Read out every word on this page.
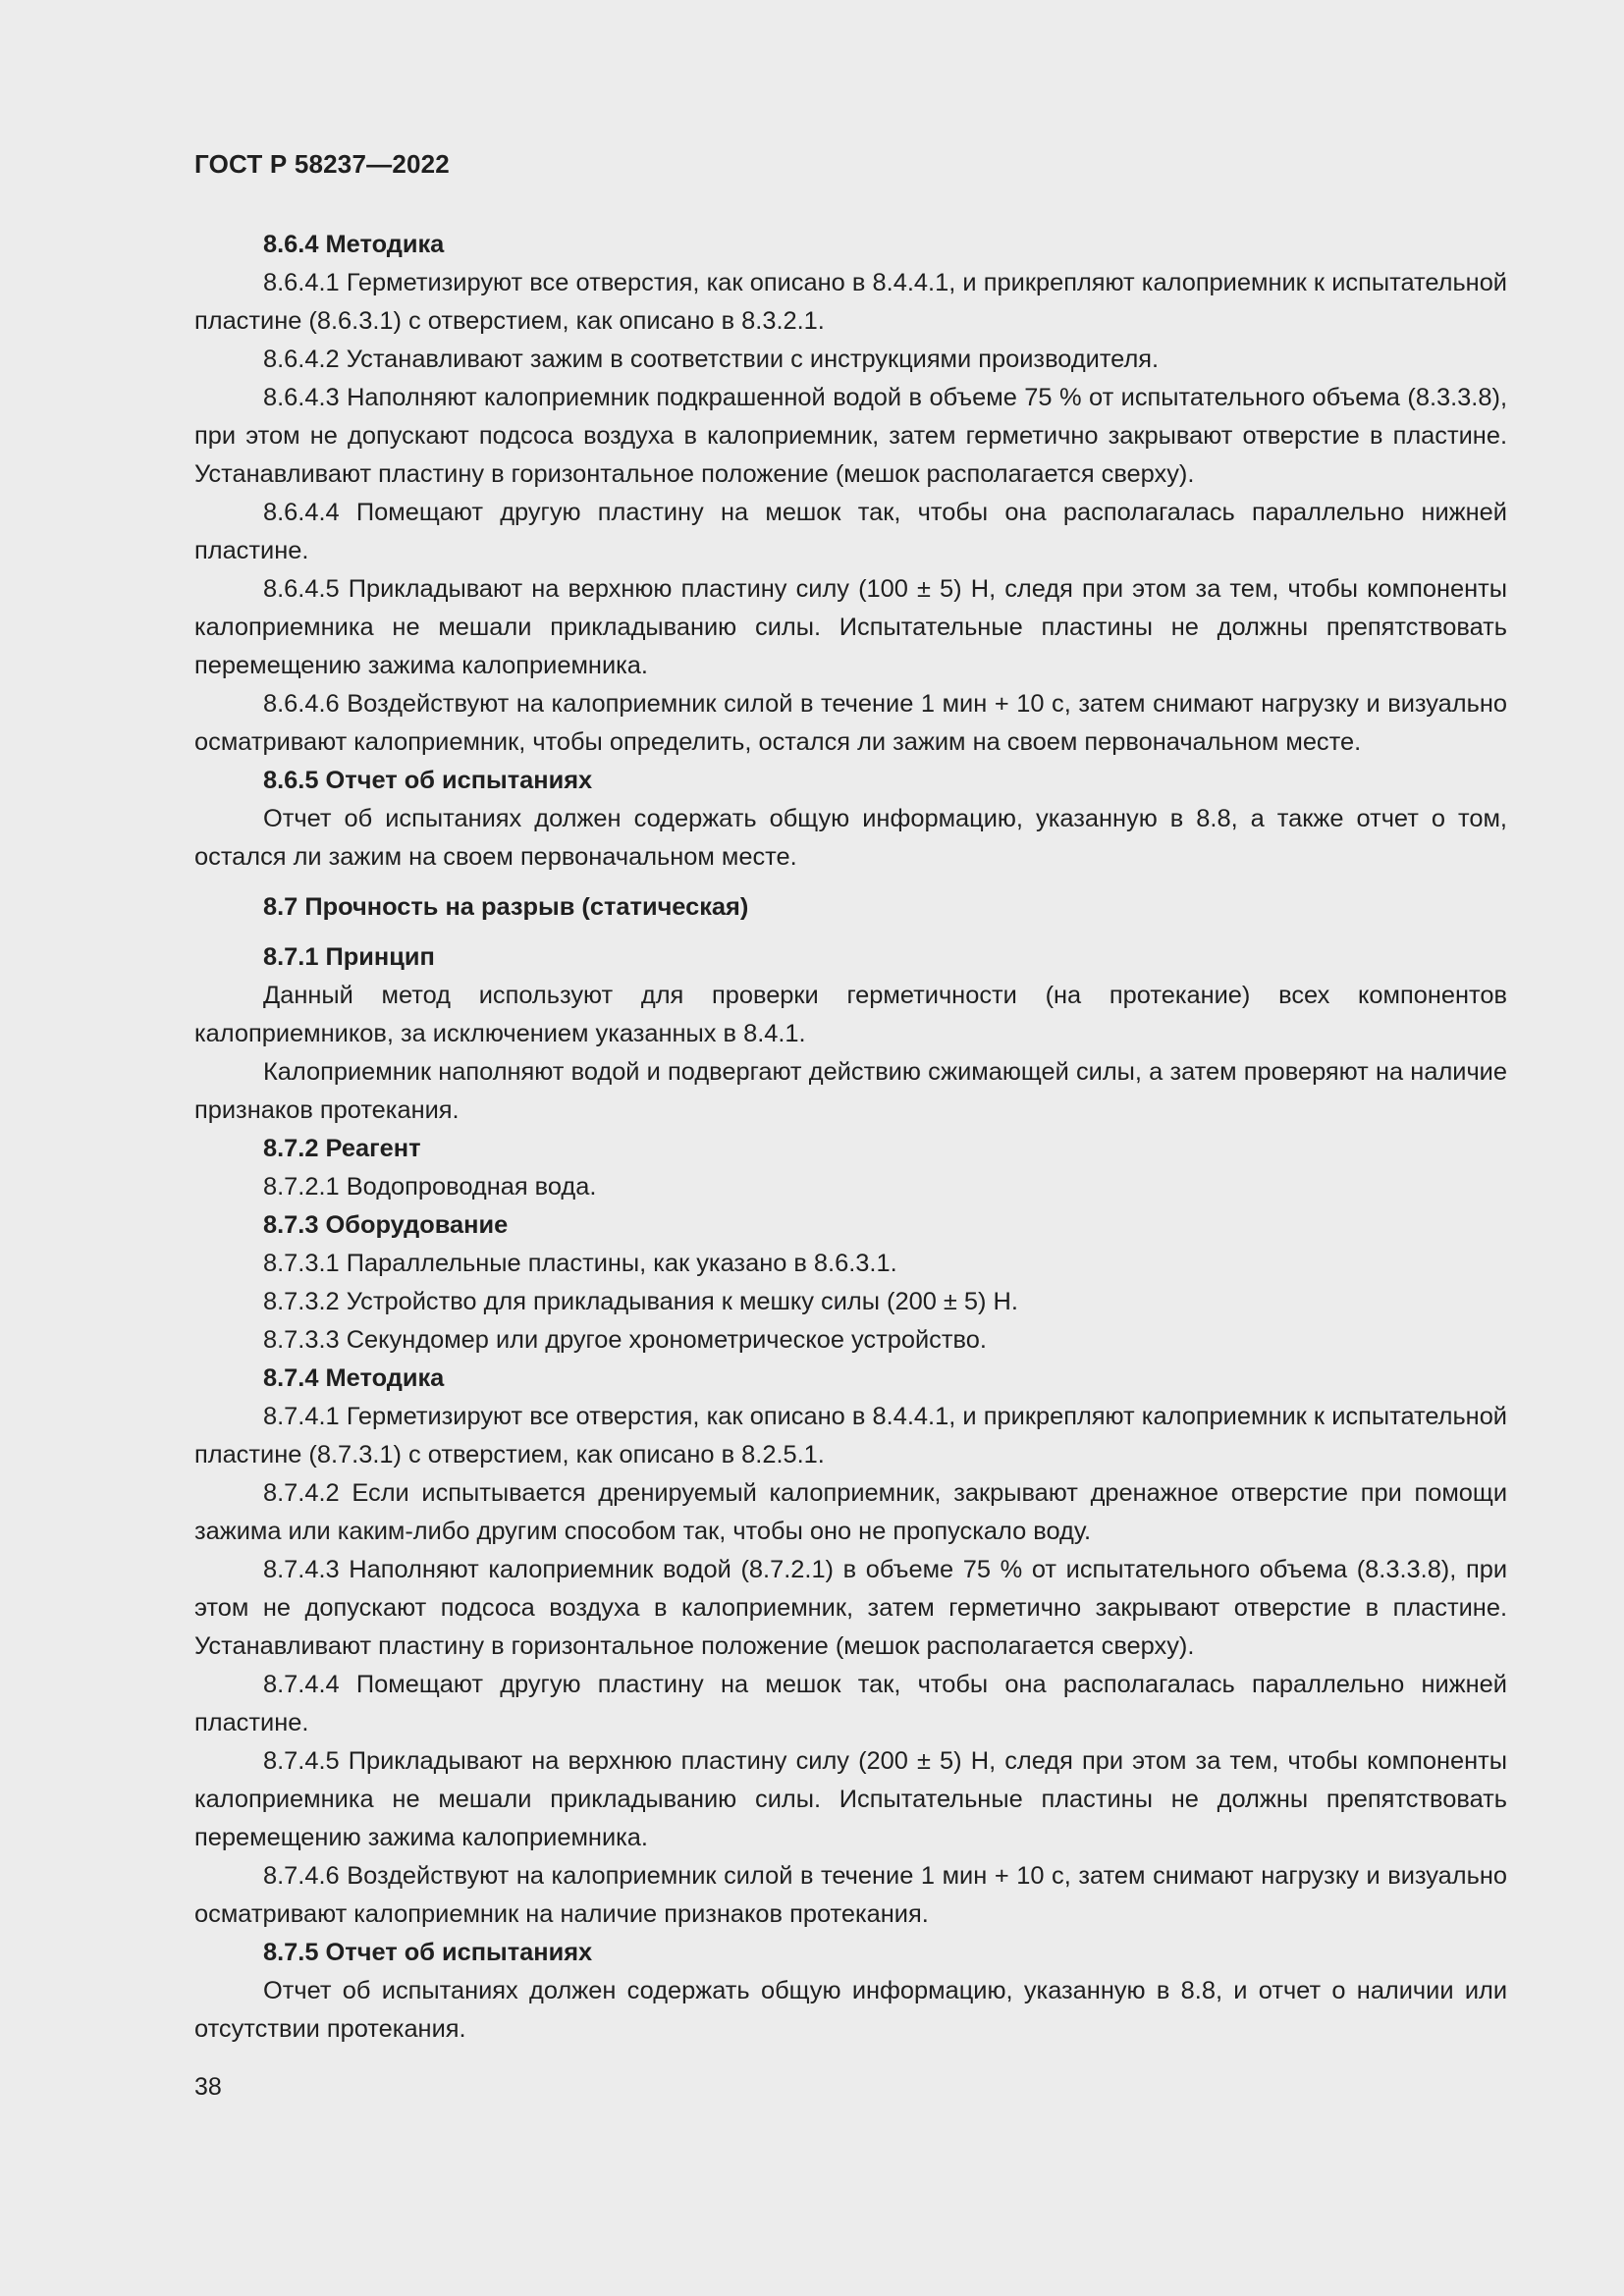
ГОСТ Р 58237—2022
8.6.4 Методика
8.6.4.1 Герметизируют все отверстия, как описано в 8.4.4.1, и прикрепляют калоприемник к испытательной пластине (8.6.3.1) с отверстием, как описано в 8.3.2.1.
8.6.4.2 Устанавливают зажим в соответствии с инструкциями производителя.
8.6.4.3 Наполняют калоприемник подкрашенной водой в объеме 75 % от испытательного объема (8.3.3.8), при этом не допускают подсоса воздуха в калоприемник, затем герметично закрывают отверстие в пластине. Устанавливают пластину в горизонтальное положение (мешок располагается сверху).
8.6.4.4 Помещают другую пластину на мешок так, чтобы она располагалась параллельно нижней пластине.
8.6.4.5 Прикладывают на верхнюю пластину силу (100 ± 5) Н, следя при этом за тем, чтобы компоненты калоприемника не мешали прикладыванию силы. Испытательные пластины не должны препятствовать перемещению зажима калоприемника.
8.6.4.6 Воздействуют на калоприемник силой в течение 1 мин + 10 с, затем снимают нагрузку и визуально осматривают калоприемник, чтобы определить, остался ли зажим на своем первоначальном месте.
8.6.5 Отчет об испытаниях
Отчет об испытаниях должен содержать общую информацию, указанную в 8.8, а также отчет о том, остался ли зажим на своем первоначальном месте.
8.7 Прочность на разрыв (статическая)
8.7.1 Принцип
Данный метод используют для проверки герметичности (на протекание) всех компонентов калоприемников, за исключением указанных в 8.4.1.
Калоприемник наполняют водой и подвергают действию сжимающей силы, а затем проверяют на наличие признаков протекания.
8.7.2 Реагент
8.7.2.1 Водопроводная вода.
8.7.3 Оборудование
8.7.3.1 Параллельные пластины, как указано в 8.6.3.1.
8.7.3.2 Устройство для прикладывания к мешку силы (200 ± 5) Н.
8.7.3.3 Секундомер или другое хронометрическое устройство.
8.7.4 Методика
8.7.4.1 Герметизируют все отверстия, как описано в 8.4.4.1, и прикрепляют калоприемник к испытательной пластине (8.7.3.1) с отверстием, как описано в 8.2.5.1.
8.7.4.2 Если испытывается дренируемый калоприемник, закрывают дренажное отверстие при помощи зажима или каким-либо другим способом так, чтобы оно не пропускало воду.
8.7.4.3 Наполняют калоприемник водой (8.7.2.1) в объеме 75 % от испытательного объема (8.3.3.8), при этом не допускают подсоса воздуха в калоприемник, затем герметично закрывают отверстие в пластине. Устанавливают пластину в горизонтальное положение (мешок располагается сверху).
8.7.4.4 Помещают другую пластину на мешок так, чтобы она располагалась параллельно нижней пластине.
8.7.4.5 Прикладывают на верхнюю пластину силу (200 ± 5) Н, следя при этом за тем, чтобы компоненты калоприемника не мешали прикладыванию силы. Испытательные пластины не должны препятствовать перемещению зажима калоприемника.
8.7.4.6 Воздействуют на калоприемник силой в течение 1 мин + 10 с, затем снимают нагрузку и визуально осматривают калоприемник на наличие признаков протекания.
8.7.5 Отчет об испытаниях
Отчет об испытаниях должен содержать общую информацию, указанную в 8.8, и отчет о наличии или отсутствии протекания.
38
